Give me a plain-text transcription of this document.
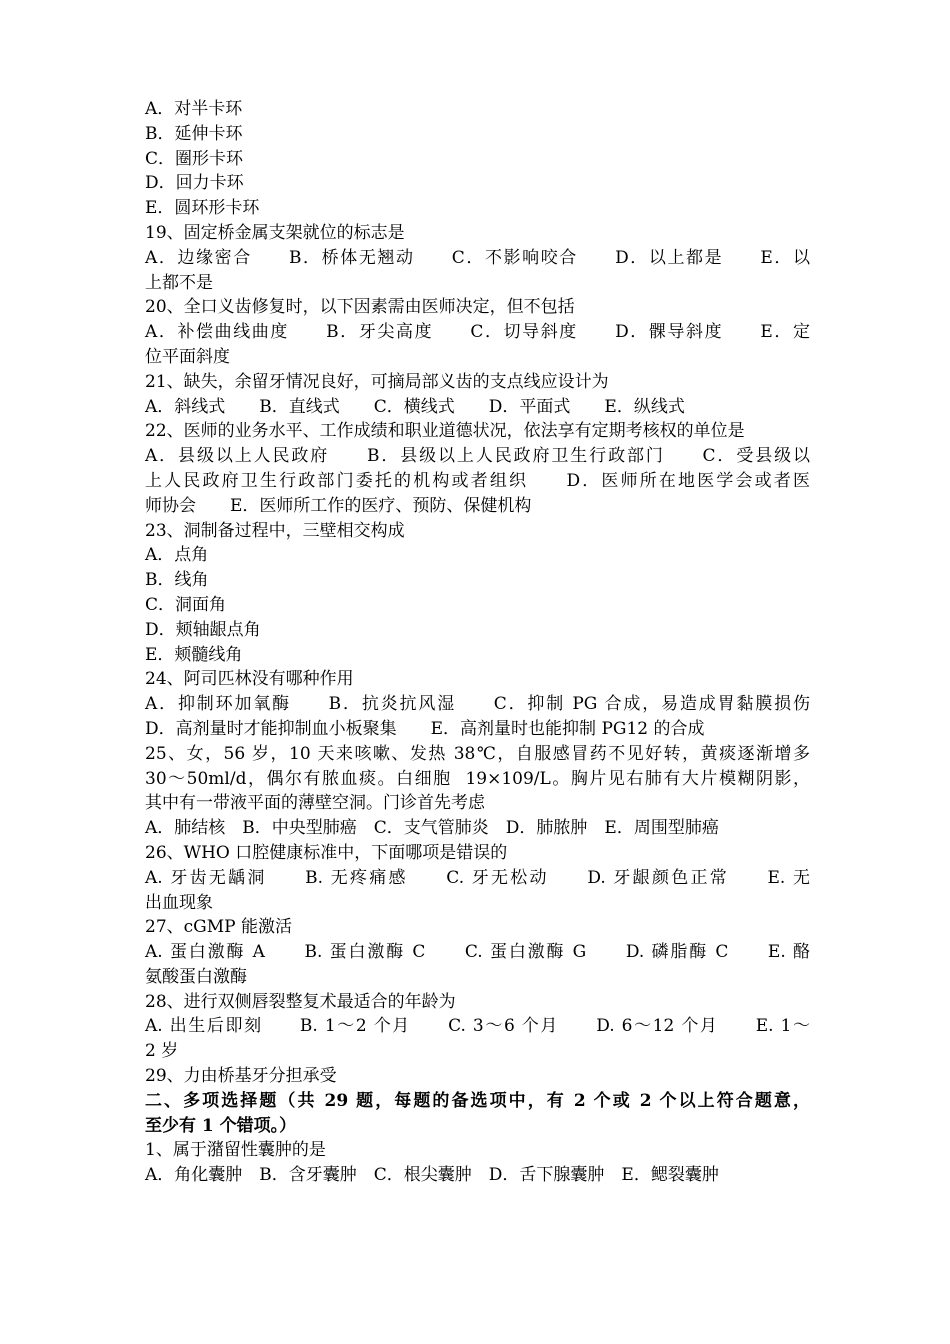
A．对半卡环
B．延伸卡环
C．圈形卡环
D．回力卡环
E．圆环形卡环
19、固定桥金属支架就位的标志是
A．边缘密合　　B．桥体无翘动　　C．不影响咬合　　D．以上都是　　E．以
上都不是
20、全口义齿修复时，以下因素需由医师决定，但不包括
A．补偿曲线曲度　　B．牙尖高度　　C．切导斜度　　D．髁导斜度　　E．定
位平面斜度
21、缺失，余留牙情况良好，可摘局部义齿的支点线应设计为
A．斜线式　　B．直线式　　C．横线式　　D．平面式　　E．纵线式
22、医师的业务水平、工作成绩和职业道德状况，依法享有定期考核权的单位是
A．县级以上人民政府　　B．县级以上人民政府卫生行政部门　　C．受县级以
上人民政府卫生行政部门委托的机构或者组织　　D．医师所在地医学会或者医
师协会　　E．医师所工作的医疗、预防、保健机构
23、洞制备过程中，三壁相交构成
A．点角
B．线角
C．洞面角
D．颊轴龈点角
E．颊髓线角
24、阿司匹林没有哪种作用
A．抑制环加氧酶　　B．抗炎抗风湿　　C．抑制 PG 合成，易造成胃黏膜损伤
D．高剂量时才能抑制血小板聚集　　E．高剂量时也能抑制 PG12 的合成
25、女，56 岁，10 天来咳嗽、发热 38℃，自服感冒药不见好转，黄痰逐渐增多
30～50ml/d，偶尔有脓血痰。白细胞  19×109/L。胸片见右肺有大片模糊阴影，
其中有一带液平面的薄壁空洞。门诊首先考虑
A．肺结核　B．中央型肺癌　C．支气管肺炎　D．肺脓肿　E．周围型肺癌
26、WHO 口腔健康标准中，下面哪项是错误的
A. 牙齿无龋洞　　B. 无疼痛感　　C. 牙无松动　　D. 牙龈颜色正常　　E. 无
出血现象
27、cGMP 能激活
A. 蛋白激酶 A　　B. 蛋白激酶 C　　C. 蛋白激酶 G　　D. 磷脂酶 C　　E. 酪
氨酸蛋白激酶
28、进行双侧唇裂整复术最适合的年龄为
A. 出生后即刻　　B. 1～2 个月　　C. 3～6 个月　　D. 6～12 个月　　E. 1～
2 岁
29、力由桥基牙分担承受
二、多项选择题（共 29 题，每题的备选项中，有 2 个或 2 个以上符合题意，
至少有 1 个错项。）
1、属于潴留性囊肿的是
A．角化囊肿　B．含牙囊肿　C．根尖囊肿　D．舌下腺囊肿　E．鳃裂囊肿
